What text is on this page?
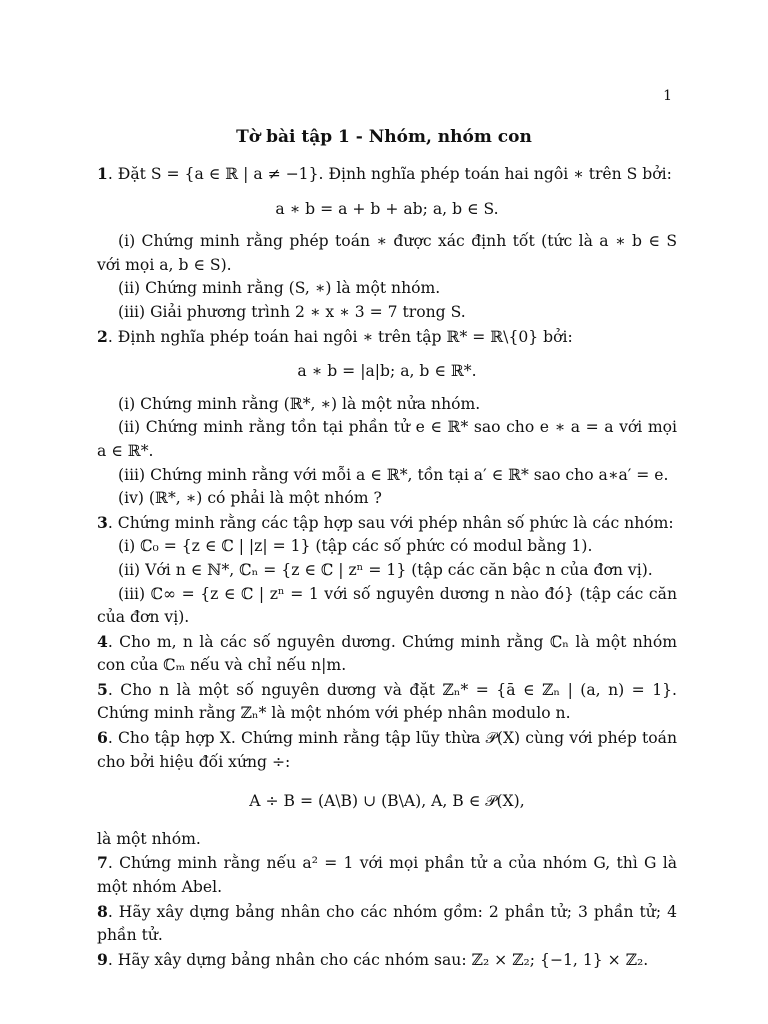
1
Tờ bài tập 1 - Nhóm, nhóm con

1. Đặt S = {a ∈ ℝ | a ≠ −1}. Định nghĩa phép toán hai ngôi ∗ trên S bởi:

a ∗ b = a + b + ab; a, b ∈ S.

(i) Chứng minh rằng phép toán ∗ được xác định tốt (tức là a ∗ b ∈ S với mọi a, b ∈ S).

(ii) Chứng minh rằng (S, ∗) là một nhóm.

(iii) Giải phương trình 2 ∗ x ∗ 3 = 7 trong S.

2. Định nghĩa phép toán hai ngôi ∗ trên tập ℝ* = ℝ\{0} bởi:

a ∗ b = |a|b; a, b ∈ ℝ*.

(i) Chứng minh rằng (ℝ*, ∗) là một nửa nhóm.

(ii) Chứng minh rằng tồn tại phần tử e ∈ ℝ* sao cho e ∗ a = a với mọi a ∈ ℝ*.

(iii) Chứng minh rằng với mỗi a ∈ ℝ*, tồn tại a′ ∈ ℝ* sao cho a∗a′ = e.

(iv) (ℝ*, ∗) có phải là một nhóm ?

3. Chứng minh rằng các tập hợp sau với phép nhân số phức là các nhóm:

(i) ℂ₀ = {z ∈ ℂ | |z| = 1} (tập các số phức có modul bằng 1).

(ii) Với n ∈ ℕ*, ℂₙ = {z ∈ ℂ | zⁿ = 1} (tập các căn bậc n của đơn vị).

(iii) ℂ∞ = {z ∈ ℂ | zⁿ = 1 với số nguyên dương n nào đó} (tập các căn của đơn vị).

4. Cho m, n là các số nguyên dương. Chứng minh rằng ℂₙ là một nhóm con của ℂₘ nếu và chỉ nếu n|m.

5. Cho n là một số nguyên dương và đặt ℤₙ* = {ā ∈ ℤₙ | (a, n) = 1}. Chứng minh rằng ℤₙ* là một nhóm với phép nhân modulo n.

6. Cho tập hợp X. Chứng minh rằng tập lũy thừa 𝒫(X) cùng với phép toán cho bởi hiệu đối xứng ÷:

A ÷ B = (A\B) ∪ (B\A), A, B ∈ 𝒫(X),

là một nhóm.

7. Chứng minh rằng nếu a² = 1 với mọi phần tử a của nhóm G, thì G là một nhóm Abel.

8. Hãy xây dựng bảng nhân cho các nhóm gồm: 2 phần tử; 3 phần tử; 4 phần tử.

9. Hãy xây dựng bảng nhân cho các nhóm sau: ℤ₂ × ℤ₂; {−1, 1} × ℤ₂.
